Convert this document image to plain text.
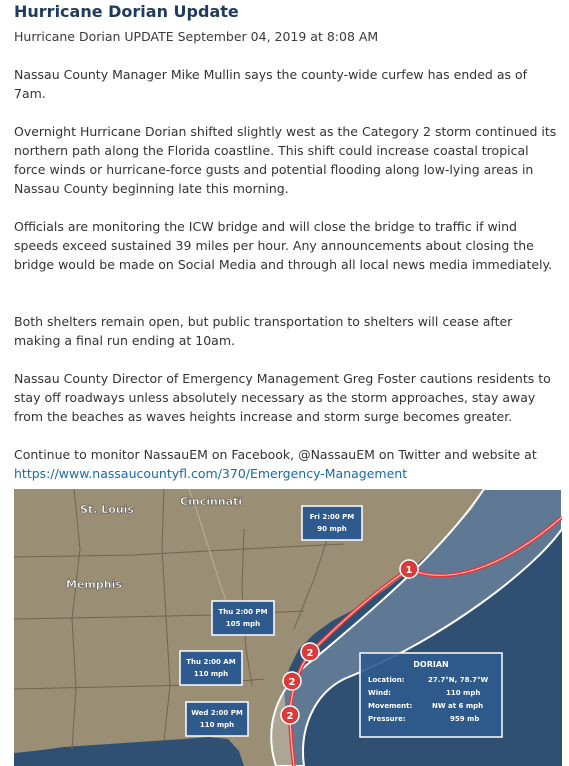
Hurricane Dorian Update
Hurricane Dorian UPDATE September 04, 2019 at 8:08 AM
Nassau County Manager Mike Mullin says the county-wide curfew has ended as of 7am.
Overnight Hurricane Dorian shifted slightly west as the Category 2 storm continued its northern path along the Florida coastline. This shift could increase coastal tropical force winds or hurricane-force gusts and potential flooding along low-lying areas in Nassau County beginning late this morning.
Officials are monitoring the ICW bridge and will close the bridge to traffic if wind speeds exceed sustained 39 miles per hour. Any announcements about closing the bridge would be made on Social Media and through all local news media immediately.
Both shelters remain open, but public transportation to shelters will cease after making a final run ending at 10am.
Nassau County Director of Emergency Management Greg Foster cautions residents to stay off roadways unless absolutely necessary as the storm approaches, stay away from the beaches as waves heights increase and storm surge becomes greater.
Continue to monitor NassauEM on Facebook, @NassauEM on Twitter and website at
https://www.nassaucountyfl.com/370/Emergency-Management
1
2
2
2
St. Louis
Cincinnati
Memphis
Fri 2:00 PM
90 mph
Thu 2:00 PM
105 mph
Thu 2:00 AM
110 mph
Wed 2:00 PM
110 mph
DORIAN
Location:	27.7°N, 78.7°W
Wind:	110 mph
Movement:	NW at 6 mph
Pressure:	959 mb
